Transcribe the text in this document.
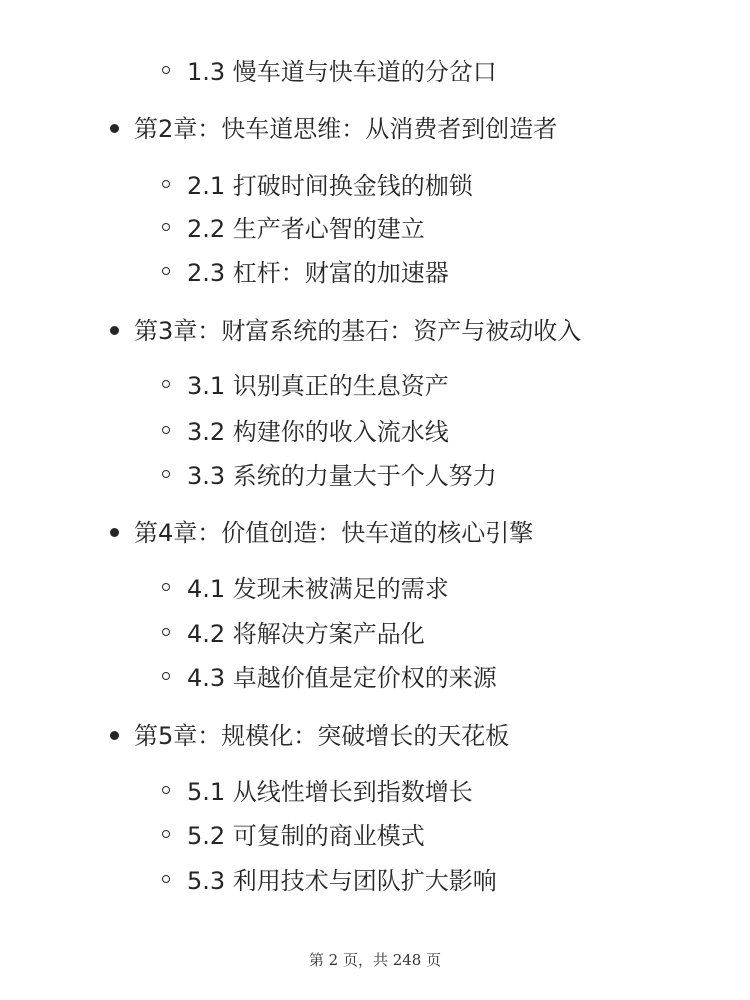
1.3 慢车道与快车道的分岔口
第2章：快车道思维：从消费者到创造者
2.1 打破时间换金钱的枷锁
2.2 生产者心智的建立
2.3 杠杆：财富的加速器
第3章：财富系统的基石：资产与被动收入
3.1 识别真正的生息资产
3.2 构建你的收入流水线
3.3 系统的力量大于个人努力
第4章：价值创造：快车道的核心引擎
4.1 发现未被满足的需求
4.2 将解决方案产品化
4.3 卓越价值是定价权的来源
第5章：规模化：突破增长的天花板
5.1 从线性增长到指数增长
5.2 可复制的商业模式
5.3 利用技术与团队扩大影响
第 2 页，共 248 页
